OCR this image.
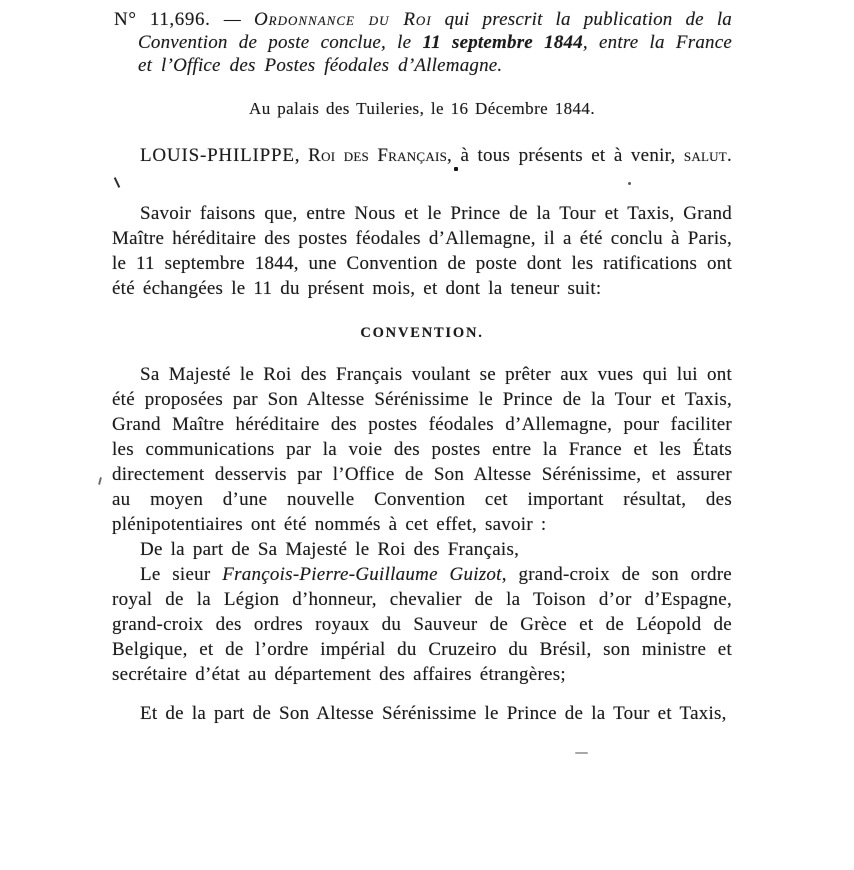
N° 11,696. — Ordonnance du Roi qui prescrit la publication de la Convention de poste conclue, le 11 septembre 1844, entre la France et l’Office des Postes féodales d’Allemagne.

Au palais des Tuileries, le 16 Décembre 1844.

LOUIS-PHILIPPE, Roi des Français, à tous présents et à venir, salut.

Savoir faisons que, entre Nous et le Prince de la Tour et Taxis, Grand Maître héréditaire des postes féodales d’Allemagne, il a été conclu à Paris, le 11 septembre 1844, une Convention de poste dont les ratifications ont été échangées le 11 du présent mois, et dont la teneur suit:

CONVENTION.

Sa Majesté le Roi des Français voulant se prêter aux vues qui lui ont été proposées par Son Altesse Sérénissime le Prince de la Tour et Taxis, Grand Maître héréditaire des postes féodales d’Allemagne, pour faciliter les communications par la voie des postes entre la France et les États directement desservis par l’Office de Son Altesse Sérénissime, et assurer au moyen d’une nouvelle Convention cet important résultat, des plénipotentiaires ont été nommés à cet effet, savoir :

De la part de Sa Majesté le Roi des Français,

Le sieur François-Pierre-Guillaume Guizot, grand-croix de son ordre royal de la Légion d’honneur, chevalier de la Toison d’or d’Espagne, grand-croix des ordres royaux du Sauveur de Grèce et de Léopold de Belgique, et de l’ordre impérial du Cruzeiro du Brésil, son ministre et secrétaire d’état au département des affaires étrangères;

Et de la part de Son Altesse Sérénissime le Prince de la Tour et Taxis,
